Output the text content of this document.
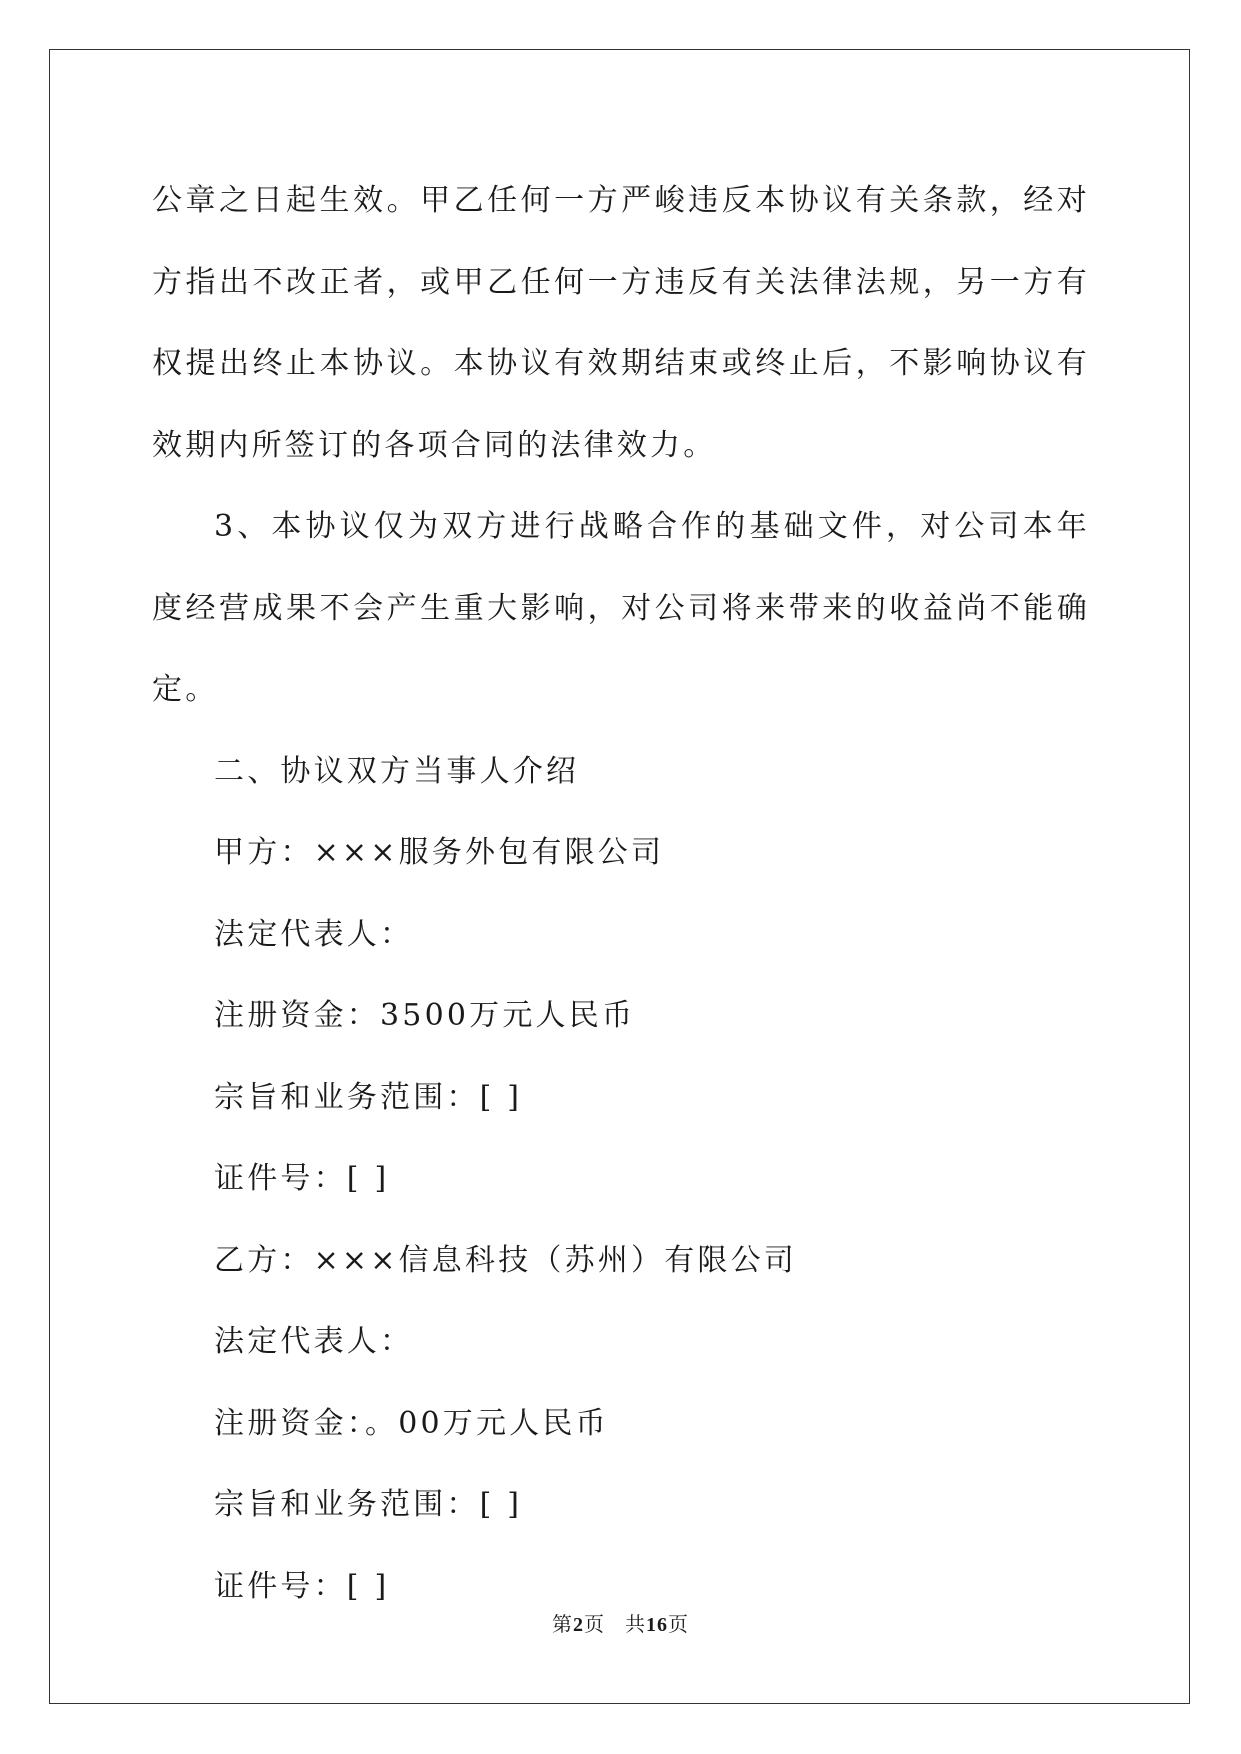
公章之日起生效。甲乙任何一方严峻违反本协议有关条款，经对方指出不改正者，或甲乙任何一方违反有关法律法规，另一方有权提出终止本协议。本协议有效期结束或终止后，不影响协议有效期内所签订的各项合同的法律效力。

3、本协议仅为双方进行战略合作的基础文件，对公司本年度经营成果不会产生重大影响，对公司将来带来的收益尚不能确定。

二、协议双方当事人介绍

甲方：×××服务外包有限公司

法定代表人：

注册资金：3500万元人民币

宗旨和业务范围：[ ]

证件号：[ ]

乙方：×××信息科技（苏州）有限公司

法定代表人：

注册资金：。00万元人民币

宗旨和业务范围：[ ]

证件号：[ ]

第2页 共16页
